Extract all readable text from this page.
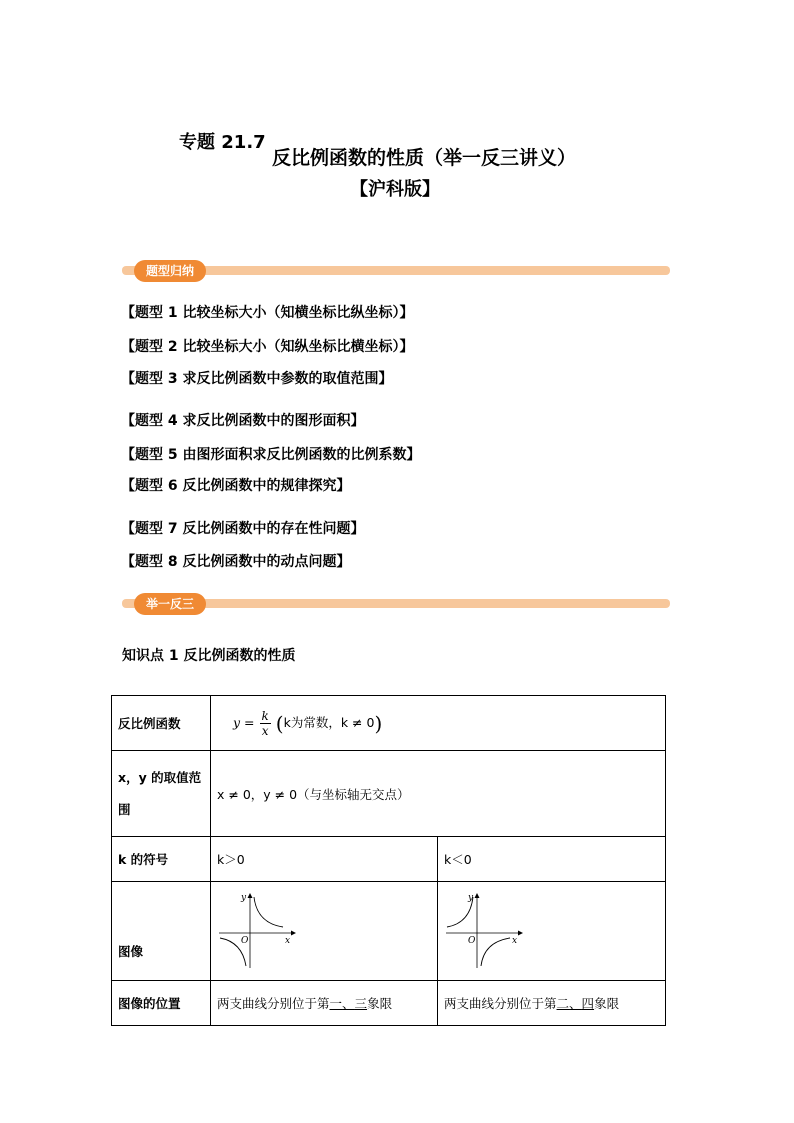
专题 21.7
反比例函数的性质（举一反三讲义）
【沪科版】
题型归纳
【题型 1 比较坐标大小（知横坐标比纵坐标）】
【题型 2 比较坐标大小（知纵坐标比横坐标）】
【题型 3 求反比例函数中参数的取值范围】
【题型 4 求反比例函数中的图形面积】
【题型 5 由图形面积求反比例函数的比例系数】
【题型 6 反比例函数中的规律探究】
【题型 7 反比例函数中的存在性问题】
【题型 8 反比例函数中的动点问题】
举一反三
知识点 1 反比例函数的性质
反比例函数	$y = \frac{k}{x} (k$为常数，k ≠ 0)	

x，y 的取值范
围	x ≠ 0，y ≠ 0（与坐标轴无交点）	
k 的符号	k＞0	k＜0
图像	y
x
O	y
x
O

图像的位置	两支曲线分别位于第一、三象限	两支曲线分别位于第二、四象限
